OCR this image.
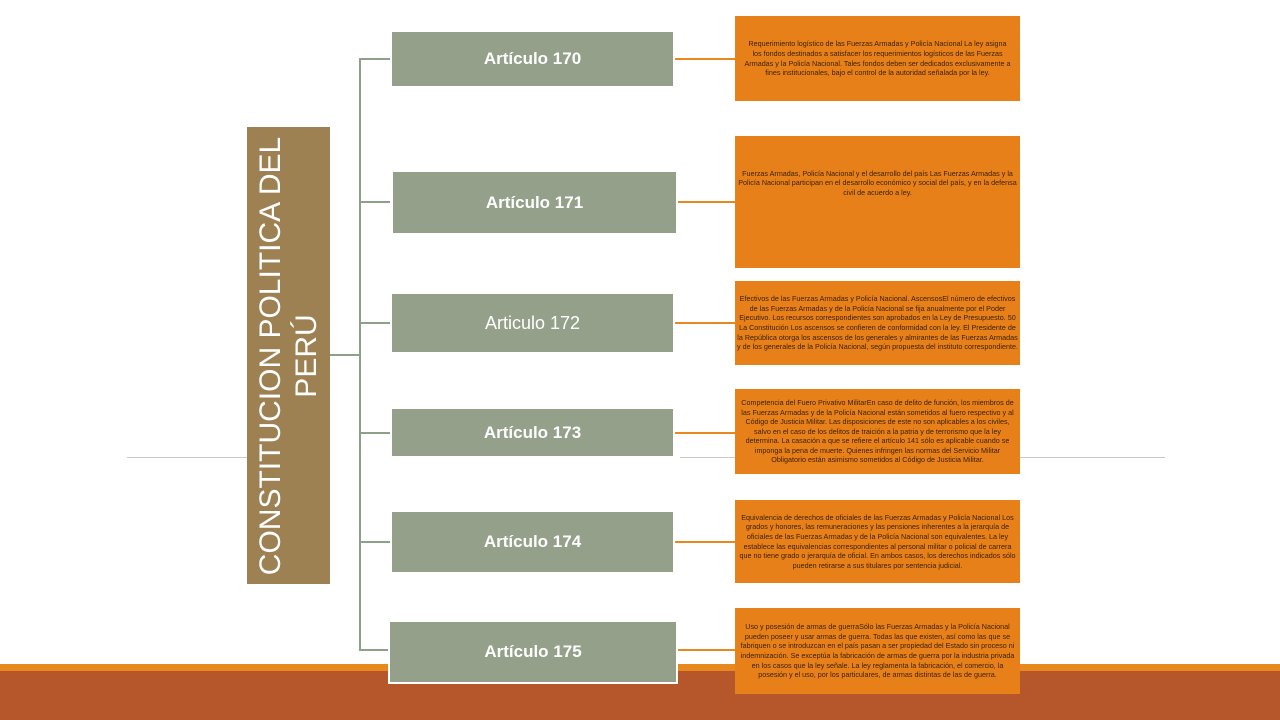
CONSTITUCION POLITICA DEL PERÚ
Artículo 170
Artículo 171
Articulo 172
Artículo 173
Artículo 174
Artículo 175
Requerimiento logístico de las Fuerzas Armadas y Policía Nacional La ley asigna los fondos destinados a satisfacer los requerimientos logísticos de las Fuerzas Armadas y la Policía Nacional. Tales fondos deben ser dedicados exclusivamente a fines institucionales, bajo el control de la autoridad señalada por la ley.
Fuerzas Armadas, Policía Nacional y el desarrollo del país Las Fuerzas Armadas y la Policía Nacional participan en el desarrollo económico y social del país, y en la defensa civil de acuerdo a ley.
Efectivos de las Fuerzas Armadas y Policía Nacional. AscensosEl número de efectivos de las Fuerzas Armadas y de la Policía Nacional se fija anualmente por el Poder Ejecutivo. Los recursos correspondientes son aprobados en la Ley de Presupuesto. 50 La Constitución Los ascensos se confieren de conformidad con la ley. El Presidente de la República otorga los ascensos de los generales y almirantes de las Fuerzas Armadas y de los generales de la Policía Nacional, según propuesta del instituto correspondiente.
Competencia del Fuero Privativo MilitarEn caso de delito de función, los miembros de las Fuerzas Armadas y de la Policía Nacional están sometidos al fuero respectivo y al Código de Justicia Militar. Las disposiciones de este no son aplicables a los civiles, salvo en el caso de los delitos de traición a la patria y de terrorismo que la ley determina. La casación a que se refiere el artículo 141 sólo es aplicable cuando se imponga la pena de muerte. Quienes infringen las normas del Servicio Militar Obligatorio están asimismo sometidos al Código de Justicia Militar.
Equivalencia de derechos de oficiales de las Fuerzas Armadas y Policía Nacional Los grados y honores, las remuneraciones y las pensiones inherentes a la jerarquía de oficiales de las Fuerzas Armadas y de la Policía Nacional son equivalentes. La ley establece las equivalencias correspondientes al personal militar o policial de carrera que no tiene grado o jerarquía de oficial. En ambos casos, los derechos indicados sólo pueden retirarse a sus titulares por sentencia judicial.
Uso y posesión de armas de guerraSólo las Fuerzas Armadas y la Policía Nacional pueden poseer y usar armas de guerra. Todas las que existen, así como las que se fabriquen o se introduzcan en el país pasan a ser propiedad del Estado sin proceso ni indemnización. Se exceptúa la fabricación de armas de guerra por la industria privada en los casos que la ley señale. La ley reglamenta la fabricación, el comercio, la posesión y el uso, por los particulares, de armas distintas de las de guerra.
